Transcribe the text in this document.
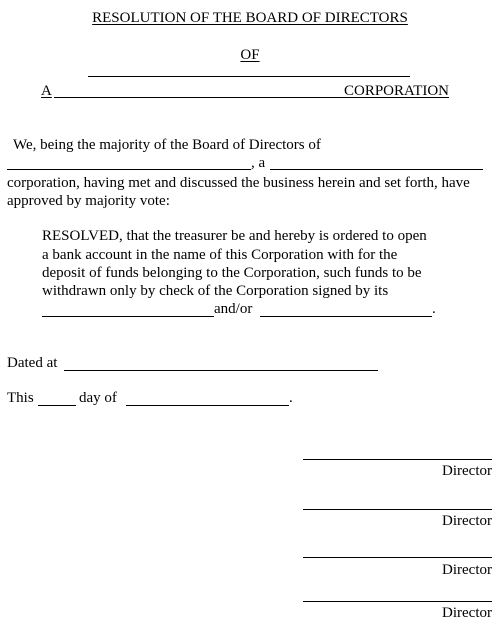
RESOLUTION OF THE BOARD OF DIRECTORS
OF
A	CORPORATION
We, being the majority of the Board of Directors of
, a
corporation, having met and discussed the business herein and set forth, have
approved by majority vote:
RESOLVED, that the treasurer be and hereby is ordered to open
a bank account in the name of this Corporation with for the
deposit of funds belonging to the Corporation, such funds to be
withdrawn only by check of the Corporation signed by its
and/or	.
Dated at
This	day of	.
Director
Director
Director
Director
